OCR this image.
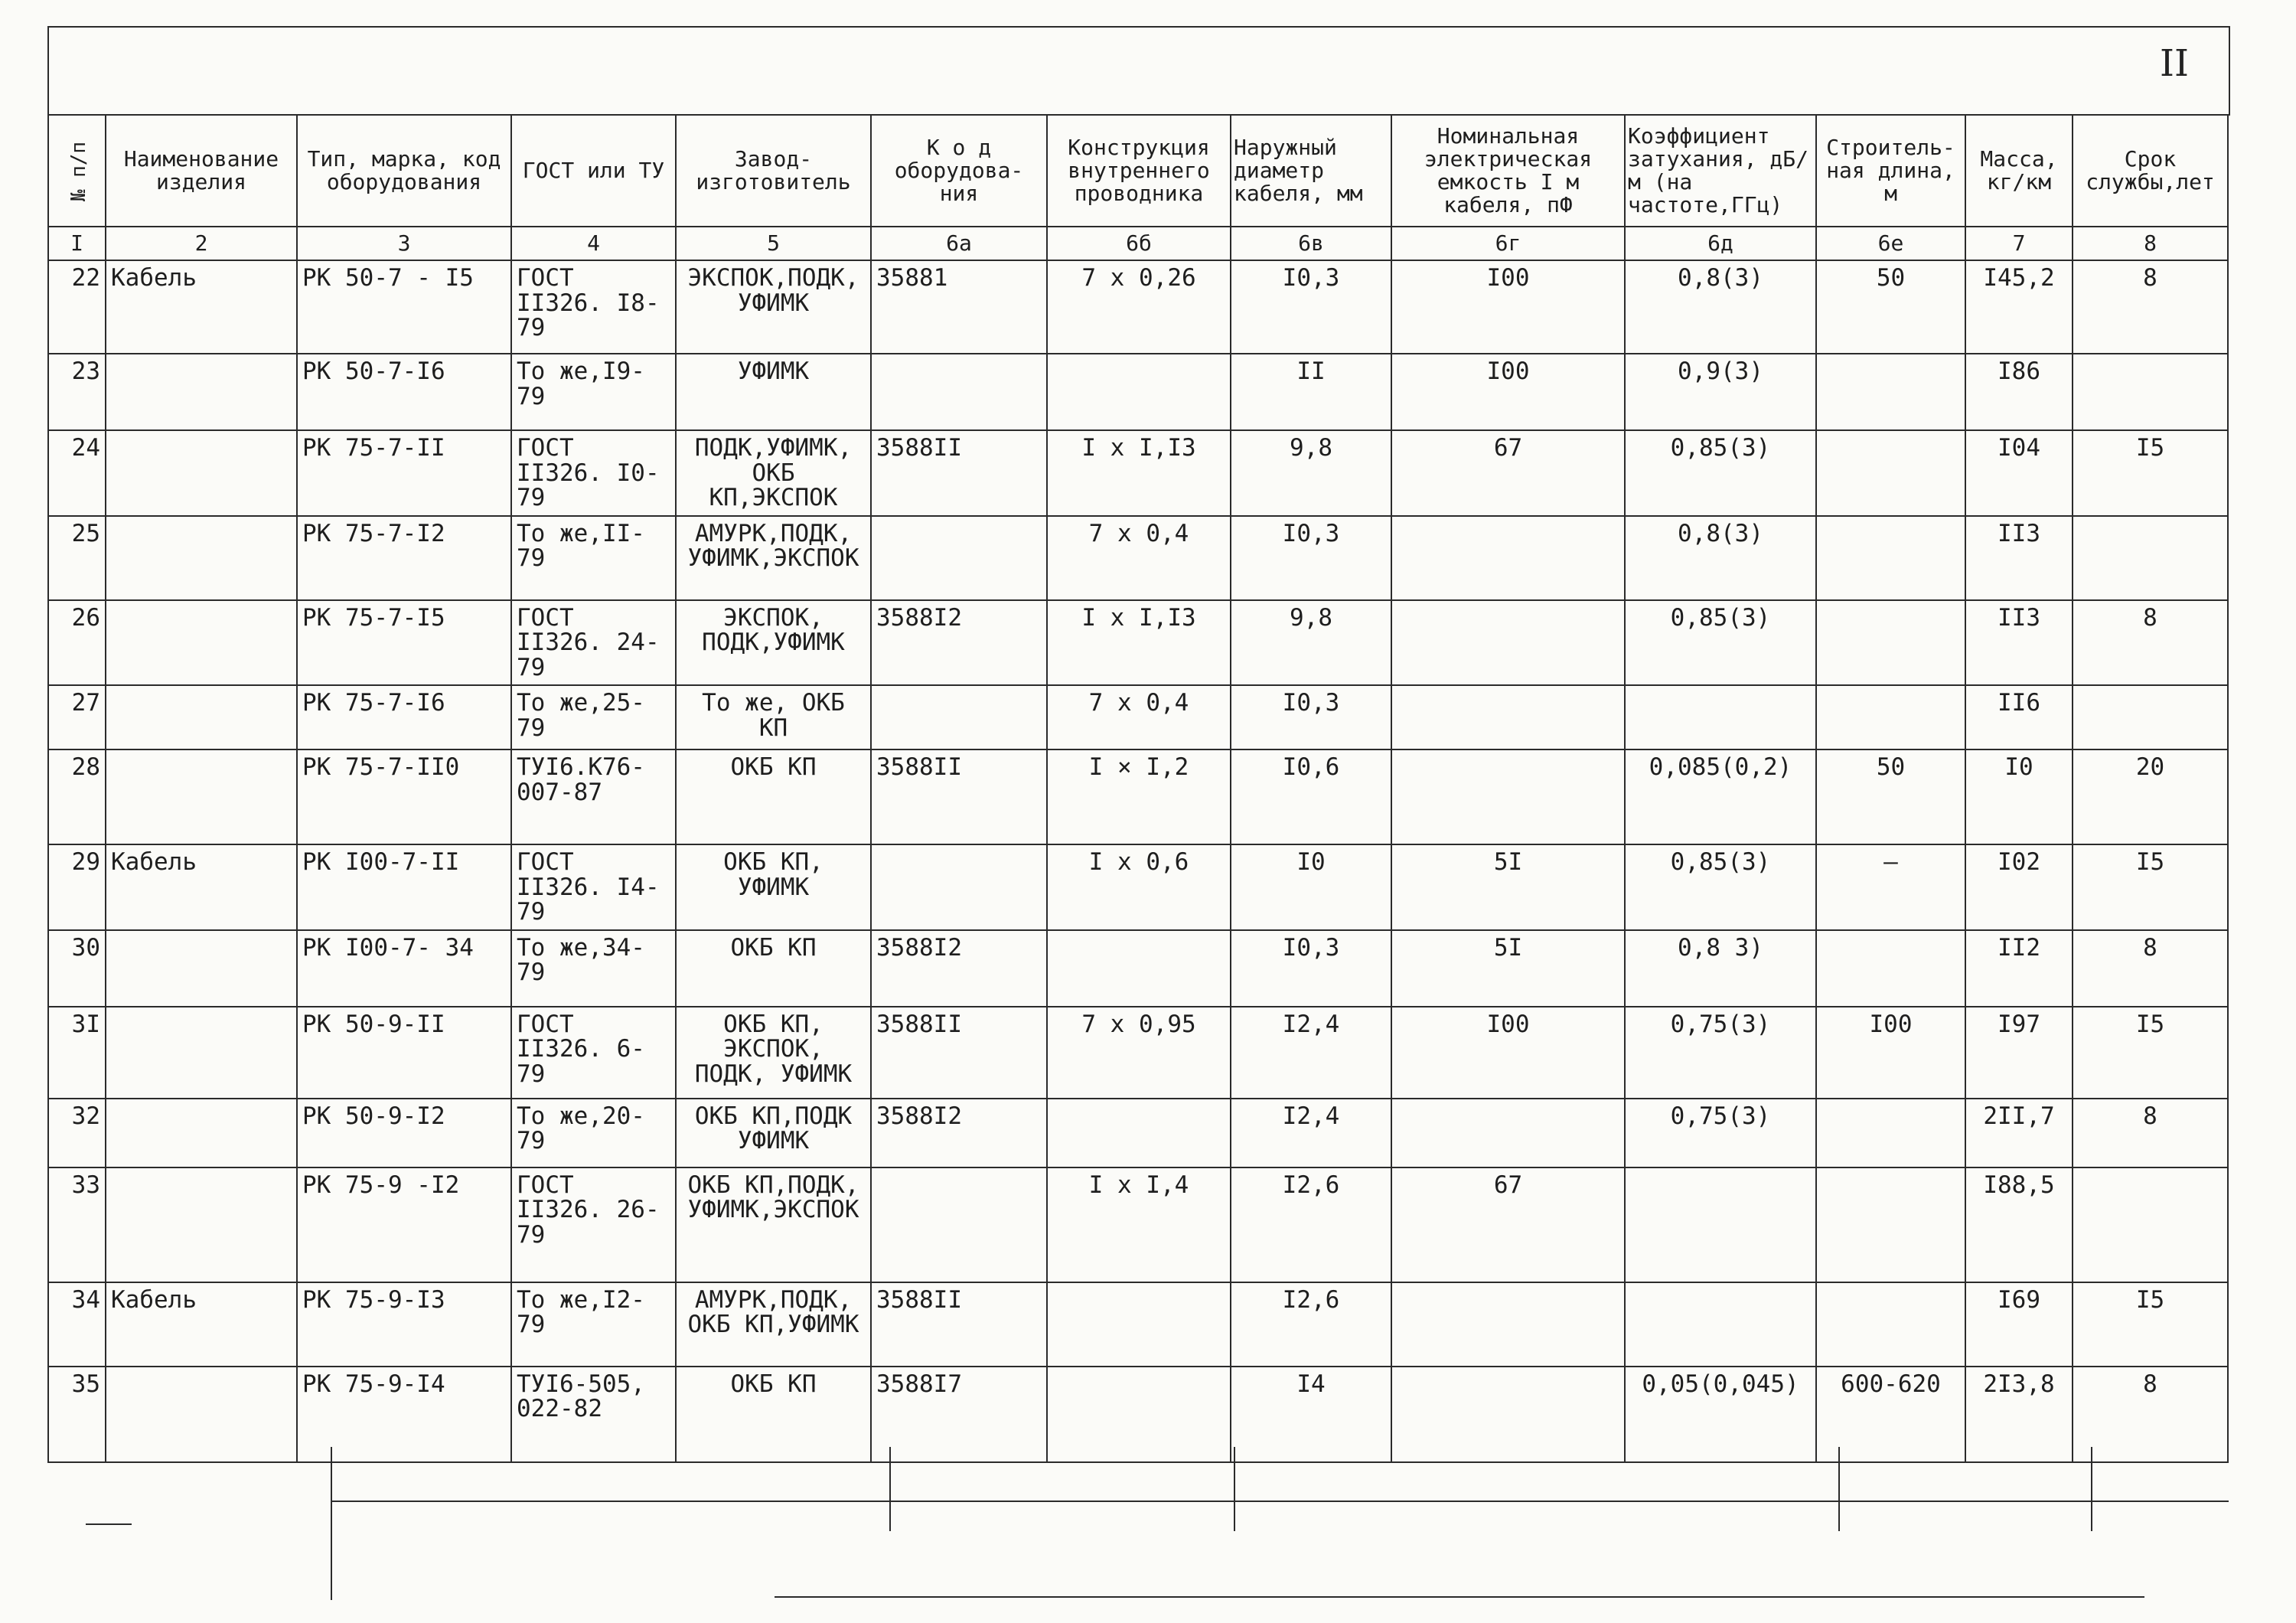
II
№ п/п	Наименование изделия	Тип, марка, код оборудования	ГОСТ или ТУ	Завод-изготовитель	К о д оборудова- ния	Конструкция внутреннего проводника	Наружный диаметр кабеля, мм	Номинальная электрическая емкость I м кабеля, пФ	Коэффициент затухания, дБ/м (на частоте,ГГц)	Строитель- ная длина, м	Масса, кг/км	Срок службы,лет
I	2	3	4	5	6а	6б	6в	6г	6д	6е	7	8
22	Кабель	РК 50-7 - I5	ГОСТ II326. I8-79	ЭКСПОК,ПОДК, УФИМК	35881	7 x 0,26	I0,3	I00	0,8(3)	50	I45,2	8
23		РК 50-7-I6	То же,I9-79	УФИМК			II	I00	0,9(3)		I86	
24		РК 75-7-II	ГОСТ II326. I0-79	ПОДК,УФИМК, ОКБ КП,ЭКСПОК	3588II	I x I,I3	9,8	67	0,85(3)		I04	I5
25		РК 75-7-I2	То же,II-79	АМУРК,ПОДК, УФИМК,ЭКСПОК		7 x 0,4	I0,3		0,8(3)		II3	
26		РК 75-7-I5	ГОСТ II326. 24-79	ЭКСПОК, ПОДК,УФИМК	3588I2	I x I,I3	9,8		0,85(3)		II3	8
27		РК 75-7-I6	То же,25-79	То же, ОКБ КП		7 x 0,4	I0,3				II6	
28		РК 75-7-II0	ТУI6.К76- 007-87	ОКБ КП	3588II	I × I,2	I0,6		0,085(0,2)	50	I0	20
29	Кабель	РК I00-7-II	ГОСТ II326. I4-79	ОКБ КП, УФИМК		I x 0,6	I0	5I	0,85(3)	–	I02	I5
30		РК I00-7- 34	То же,34-79	ОКБ КП	3588I2		I0,3	5I	0,8 3)		II2	8
3I		РК 50-9-II	ГОСТ II326. 6-79	ОКБ КП, ЭКСПОК, ПОДК, УФИМК	3588II	7 x 0,95	I2,4	I00	0,75(3)	I00	I97	I5
32		РК 50-9-I2	То же,20-79	ОКБ КП,ПОДК УФИМК	3588I2		I2,4		0,75(3)		2II,7	8
33		РК 75-9 -I2	ГОСТ II326. 26-79	ОКБ КП,ПОДК, УФИМК,ЭКСПОК		I x I,4	I2,6	67			I88,5	
34	Кабель	РК 75-9-I3	То же,I2-79	АМУРК,ПОДК, ОКБ КП,УФИМК	3588II		I2,6				I69	I5
35		РК 75-9-I4	ТУI6-505, 022-82	ОКБ КП	3588I7		I4		0,05(0,045)	600-620	2I3,8	8
